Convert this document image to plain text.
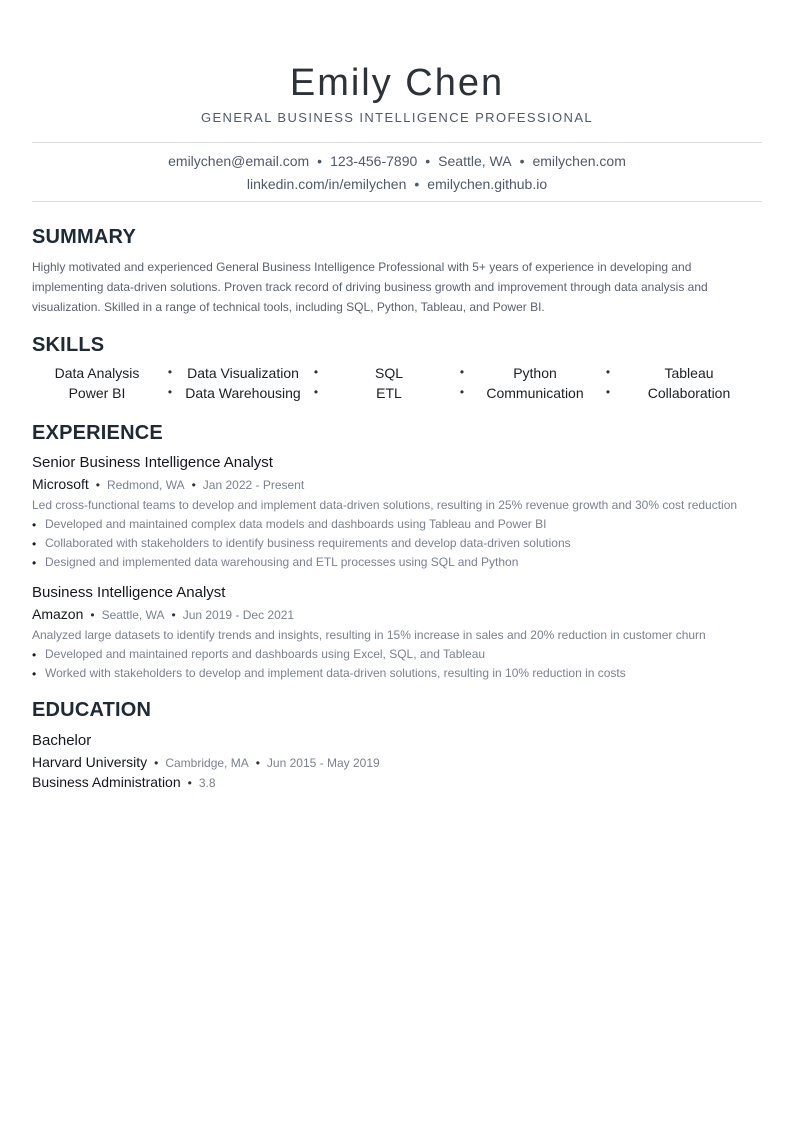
Emily Chen
GENERAL BUSINESS INTELLIGENCE PROFESSIONAL
emilychen@email.com • 123-456-7890 • Seattle, WA • emilychen.com
linkedin.com/in/emilychen • emilychen.github.io
SUMMARY

Highly motivated and experienced General Business Intelligence Professional with 5+ years of experience in developing and implementing data-driven solutions. Proven track record of driving business growth and improvement through data analysis and visualization. Skilled in a range of technical tools, including SQL, Python, Tableau, and Power BI.

SKILLS
Data Analysis	•	Data Visualization	•	SQL	•	Python	•	Tableau
Power BI	• Data Warehousing	•	ETL	•	Communication	•	Collaboration
EXPERIENCE
Senior Business Intelligence Analyst
Microsoft • Redmond, WA • Jan 2022 - Present
Led cross-functional teams to develop and implement data-driven solutions, resulting in 25% revenue growth and 30% cost reduction
• Developed and maintained complex data models and dashboards using Tableau and Power BI
• Collaborated with stakeholders to identify business requirements and develop data-driven solutions
• Designed and implemented data warehousing and ETL processes using SQL and Python
Business Intelligence Analyst
Amazon • Seattle, WA • Jun 2019 - Dec 2021
Analyzed large datasets to identify trends and insights, resulting in 15% increase in sales and 20% reduction in customer churn
• Developed and maintained reports and dashboards using Excel, SQL, and Tableau
• Worked with stakeholders to develop and implement data-driven solutions, resulting in 10% reduction in costs
EDUCATION
Bachelor
Harvard University • Cambridge, MA • Jun 2015 - May 2019
Business Administration • 3.8
